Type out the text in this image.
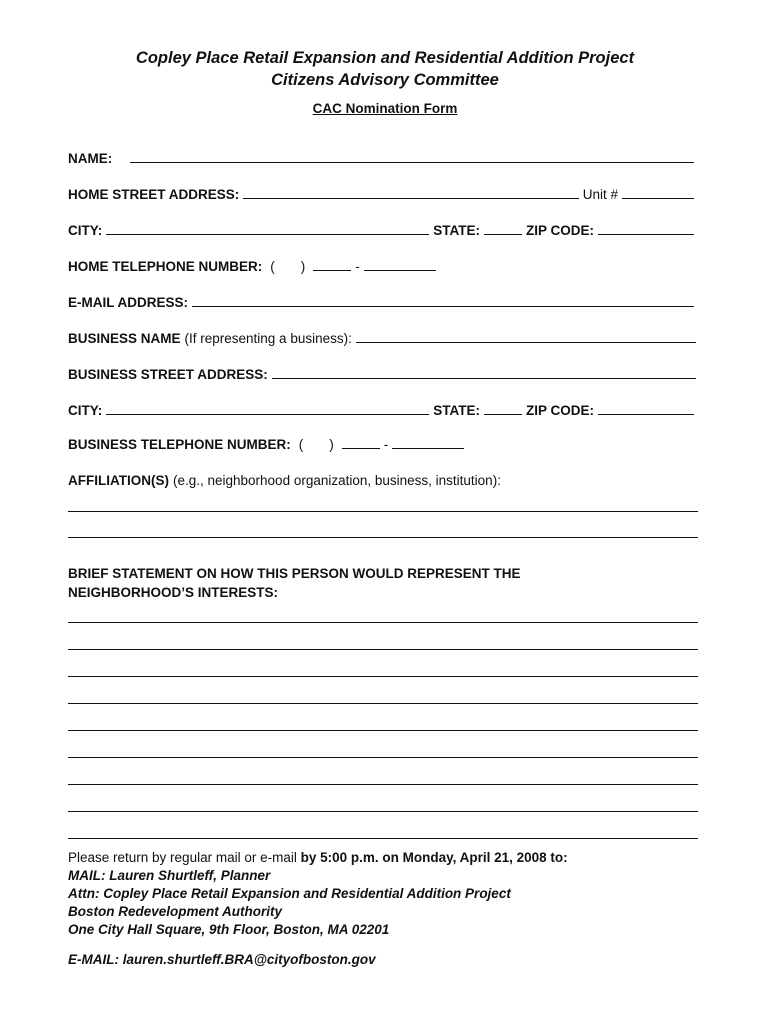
Copley Place Retail Expansion and Residential Addition Project
Citizens Advisory Committee
CAC Nomination Form
NAME:
HOME STREET ADDRESS:	Unit #
CITY:	STATE:	ZIP CODE:
HOME TELEPHONE NUMBER: ( )	-
E-MAIL ADDRESS:
BUSINESS NAME (If representing a business):
BUSINESS STREET ADDRESS:
CITY:	STATE:	ZIP CODE:
BUSINESS TELEPHONE NUMBER: ( )	-
AFFILIATION(S) (e.g., neighborhood organization, business, institution):
BRIEF STATEMENT ON HOW THIS PERSON WOULD REPRESENT THE
NEIGHBORHOOD’S INTERESTS:
Please return by regular mail or e-mail by 5:00 p.m. on Monday, April 21, 2008 to:
MAIL: Lauren Shurtleff, Planner
Attn: Copley Place Retail Expansion and Residential Addition Project
Boston Redevelopment Authority
One City Hall Square, 9th Floor, Boston, MA 02201
E-MAIL: lauren.shurtleff.BRA@cityofboston.gov
